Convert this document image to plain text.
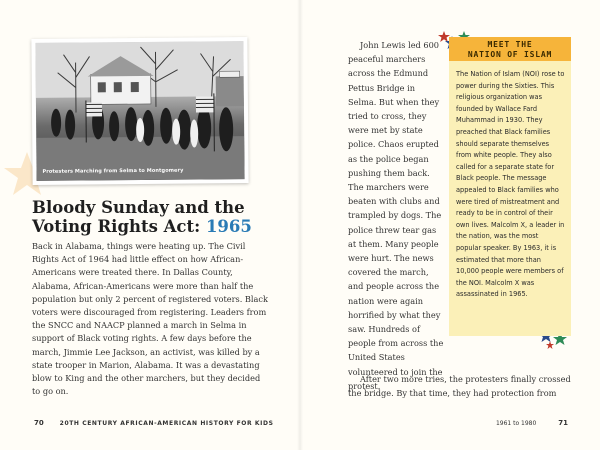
Protesters Marching from Selma to Montgomery
Bloody Sunday and the Voting Rights Act: 1965

Back in Alabama, things were heating up. The Civil Rights Act of 1964 had little effect on how African-Americans were treated there. In Dallas County, Alabama, African-Americans were more than half the population but only 2 percent of registered voters. Black voters were discouraged from registering. Leaders from the SNCC and NAACP planned a march in Selma in support of Black voting rights. A few days before the march, Jimmie Lee Jackson, an activist, was killed by a state trooper in Marion, Alabama. It was a devastating blow to King and the other marchers, but they decided to go on.

John Lewis led 600 peaceful marchers across the Edmund Pettus Bridge in Selma. But when they tried to cross, they were met by state police. Chaos erupted as the police began pushing them back. The marchers were beaten with clubs and trampled by dogs. The police threw tear gas at them. Many people were hurt. The news covered the march, and people across the nation were again horrified by what they saw. Hundreds of people from across the United States volunteered to join the protest.

After two more tries, the protesters finally crossed the bridge. By that time, they had protection from

MEET THE
NATION OF ISLAM
The Nation of Islam (NOI) rose to power during the Sixties. This religious organization was founded by Wallace Fard Muhammad in 1930. They preached that Black families should separate themselves from white people. They also called for a separate state for Black people. The message appealed to Black families who were tired of mistreatment and ready to be in control of their own lives. Malcolm X, a leader in the nation, was the most popular speaker. By 1963, it is estimated that more than 10,000 people were members of the NOI. Malcolm X was assassinated in 1965.
70	20TH CENTURY AFRICAN-AMERICAN HISTORY FOR KIDS	1961 to 1980	71
